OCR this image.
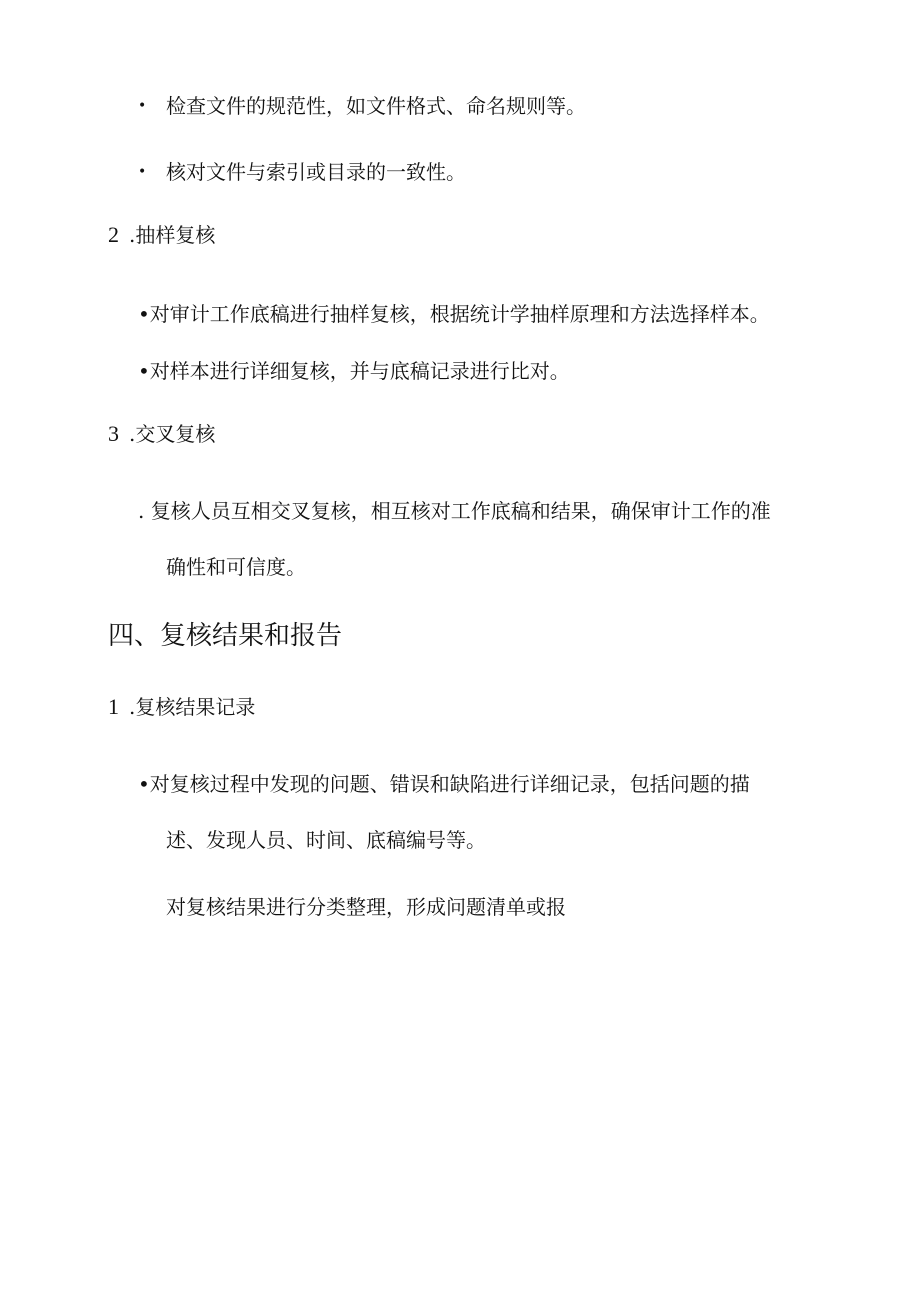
• 检查文件的规范性，如文件格式、命名规则等。
• 核对文件与索引或目录的一致性。
2 .抽样复核
•对审计工作底稿进行抽样复核，根据统计学抽样原理和方法选择样本。
•对样本进行详细复核，并与底稿记录进行比对。
3 .交叉复核
. 复核人员互相交叉复核，相互核对工作底稿和结果，确保审计工作的准
确性和可信度。
四、复核结果和报告
1 .复核结果记录
•对复核过程中发现的问题、错误和缺陷进行详细记录，包括问题的描
述、发现人员、时间、底稿编号等。
对复核结果进行分类整理，形成问题清单或报
